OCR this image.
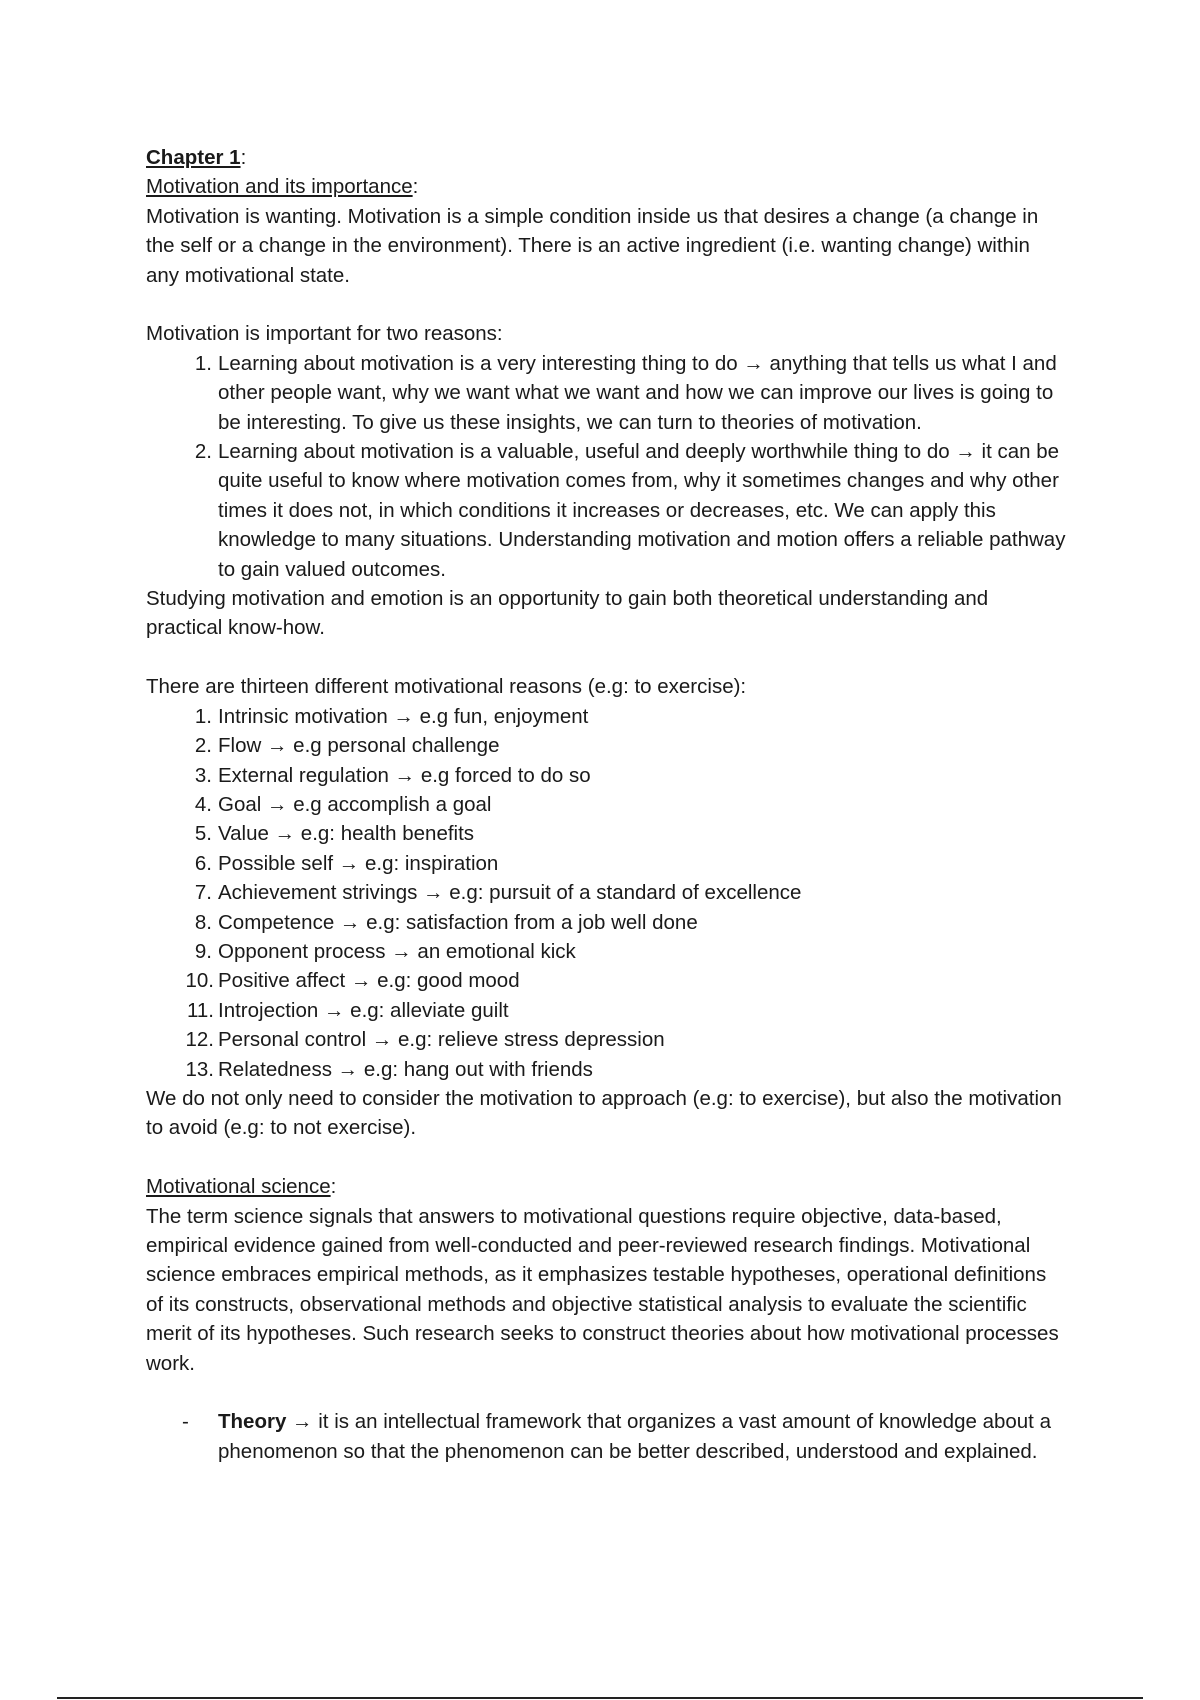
Chapter 1:

Motivation and its importance:

Motivation is wanting. Motivation is a simple condition inside us that desires a change (a change in the self or a change in the environment). There is an active ingredient (i.e. wanting change) within any motivational state.

Motivation is important for two reasons:

1. Learning about motivation is a very interesting thing to do → anything that tells us what I and other people want, why we want what we want and how we can improve our lives is going to be interesting. To give us these insights, we can turn to theories of motivation.
2. Learning about motivation is a valuable, useful and deeply worthwhile thing to do → it can be quite useful to know where motivation comes from, why it sometimes changes and why other times it does not, in which conditions it increases or decreases, etc. We can apply this knowledge to many situations. Understanding motivation and motion offers a reliable pathway to gain valued outcomes.

Studying motivation and emotion is an opportunity to gain both theoretical understanding and practical know-how.

There are thirteen different motivational reasons (e.g: to exercise):

1. Intrinsic motivation → e.g fun, enjoyment
2. Flow → e.g personal challenge
3. External regulation → e.g forced to do so
4. Goal → e.g accomplish a goal
5. Value → e.g: health benefits
6. Possible self → e.g: inspiration
7. Achievement strivings → e.g: pursuit of a standard of excellence
8. Competence → e.g: satisfaction from a job well done
9. Opponent process → an emotional kick
10. Positive affect → e.g: good mood
11. Introjection → e.g: alleviate guilt
12. Personal control → e.g: relieve stress depression
13. Relatedness → e.g: hang out with friends

We do not only need to consider the motivation to approach (e.g: to exercise), but also the motivation to avoid (e.g: to not exercise).

Motivational science:

The term science signals that answers to motivational questions require objective, data-based, empirical evidence gained from well-conducted and peer-reviewed research findings. Motivational science embraces empirical methods, as it emphasizes testable hypotheses, operational definitions of its constructs, observational methods and objective statistical analysis to evaluate the scientific merit of its hypotheses. Such research seeks to construct theories about how motivational processes work.

- Theory → it is an intellectual framework that organizes a vast amount of knowledge about a phenomenon so that the phenomenon can be better described, understood and explained.
